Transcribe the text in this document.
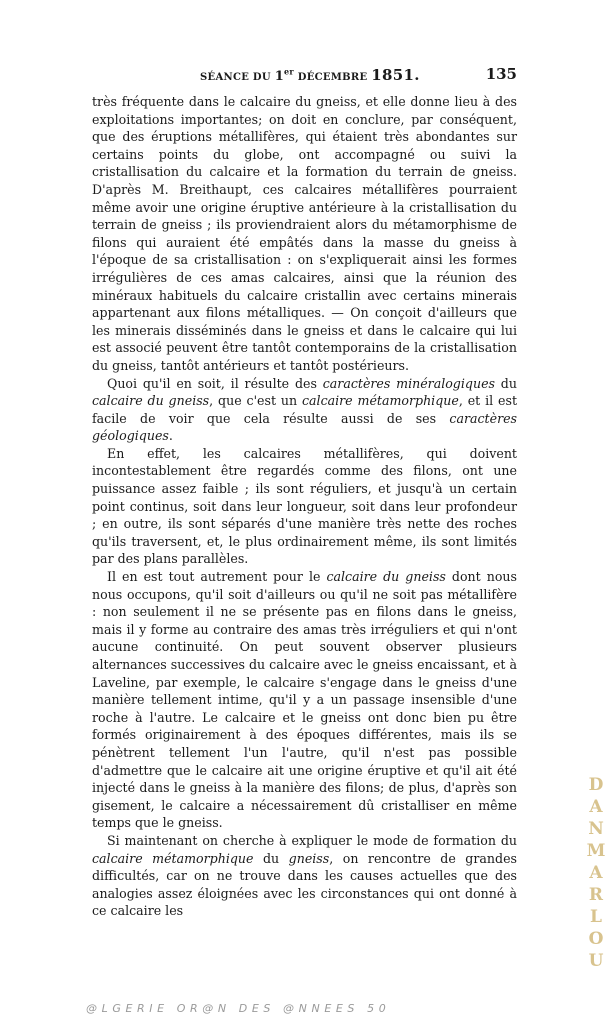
SÉANCE DU 1er DÉCEMBRE 1851.	135

très fréquente dans le calcaire du gneiss, et elle donne lieu à des exploitations importantes; on doit en conclure, par conséquent, que des éruptions métallifères, qui étaient très abondantes sur certains points du globe, ont accompagné ou suivi la cristallisation du calcaire et la formation du terrain de gneiss. D'après M. Breithaupt, ces calcaires métallifères pourraient même avoir une origine éruptive antérieure à la cristallisation du terrain de gneiss ; ils proviendraient alors du métamorphisme de filons qui auraient été empâtés dans la masse du gneiss à l'époque de sa cristallisation : on s'expliquerait ainsi les formes irrégulières de ces amas calcaires, ainsi que la réunion des minéraux habituels du calcaire cristallin avec certains minerais appartenant aux filons métalliques. — On conçoit d'ailleurs que les minerais disséminés dans le gneiss et dans le calcaire qui lui est associé peuvent être tantôt contemporains de la cristallisation du gneiss, tantôt antérieurs et tantôt postérieurs.

Quoi qu'il en soit, il résulte des caractères minéralogiques du calcaire du gneiss, que c'est un calcaire métamorphique, et il est facile de voir que cela résulte aussi de ses caractères géologiques.

En effet, les calcaires métallifères, qui doivent incontestablement être regardés comme des filons, ont une puissance assez faible ; ils sont réguliers, et jusqu'à un certain point continus, soit dans leur longueur, soit dans leur profondeur ; en outre, ils sont séparés d'une manière très nette des roches qu'ils traversent, et, le plus ordinairement même, ils sont limités par des plans parallèles.

Il en est tout autrement pour le calcaire du gneiss dont nous nous occupons, qu'il soit d'ailleurs ou qu'il ne soit pas métallifère : non seulement il ne se présente pas en filons dans le gneiss, mais il y forme au contraire des amas très irréguliers et qui n'ont aucune continuité. On peut souvent observer plusieurs alternances successives du calcaire avec le gneiss encaissant, et à Laveline, par exemple, le calcaire s'engage dans le gneiss d'une manière tellement intime, qu'il y a un passage insensible d'une roche à l'autre. Le calcaire et le gneiss ont donc bien pu être formés originairement à des époques différentes, mais ils se pénètrent tellement l'un l'autre, qu'il n'est pas possible d'admettre que le calcaire ait une origine éruptive et qu'il ait été injecté dans le gneiss à la manière des filons; de plus, d'après son gisement, le calcaire a nécessairement dû cristalliser en même temps que le gneiss.

Si maintenant on cherche à expliquer le mode de formation du calcaire métamorphique du gneiss, on rencontre de grandes difficultés, car on ne trouve dans les causes actuelles que des analogies assez éloignées avec les circonstances qui ont donné à ce calcaire les

DANMARLOU
@LGERIE OR@N DES @NNEES 50
